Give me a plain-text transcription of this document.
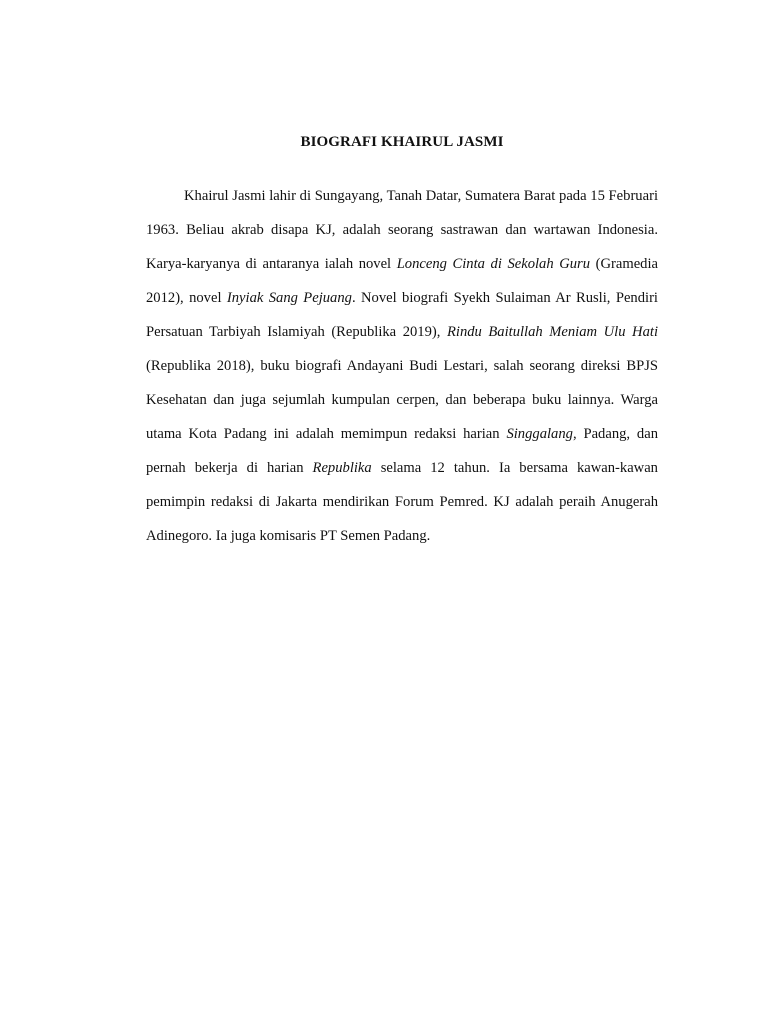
BIOGRAFI KHAIRUL JASMI

Khairul Jasmi lahir di Sungayang, Tanah Datar, Sumatera Barat pada 15 Februari 1963. Beliau akrab disapa KJ, adalah seorang sastrawan dan wartawan Indonesia. Karya-karyanya di antaranya ialah novel Lonceng Cinta di Sekolah Guru (Gramedia 2012), novel Inyiak Sang Pejuang. Novel biografi Syekh Sulaiman Ar Rusli, Pendiri Persatuan Tarbiyah Islamiyah (Republika 2019), Rindu Baitullah Meniam Ulu Hati (Republika 2018), buku biografi Andayani Budi Lestari, salah seorang direksi BPJS Kesehatan dan juga sejumlah kumpulan cerpen, dan beberapa buku lainnya. Warga utama Kota Padang ini adalah memimpun redaksi harian Singgalang, Padang, dan pernah bekerja di harian Republika selama 12 tahun. Ia bersama kawan-kawan pemimpin redaksi di Jakarta mendirikan Forum Pemred. KJ adalah peraih Anugerah Adinegoro. Ia juga komisaris PT Semen Padang.
